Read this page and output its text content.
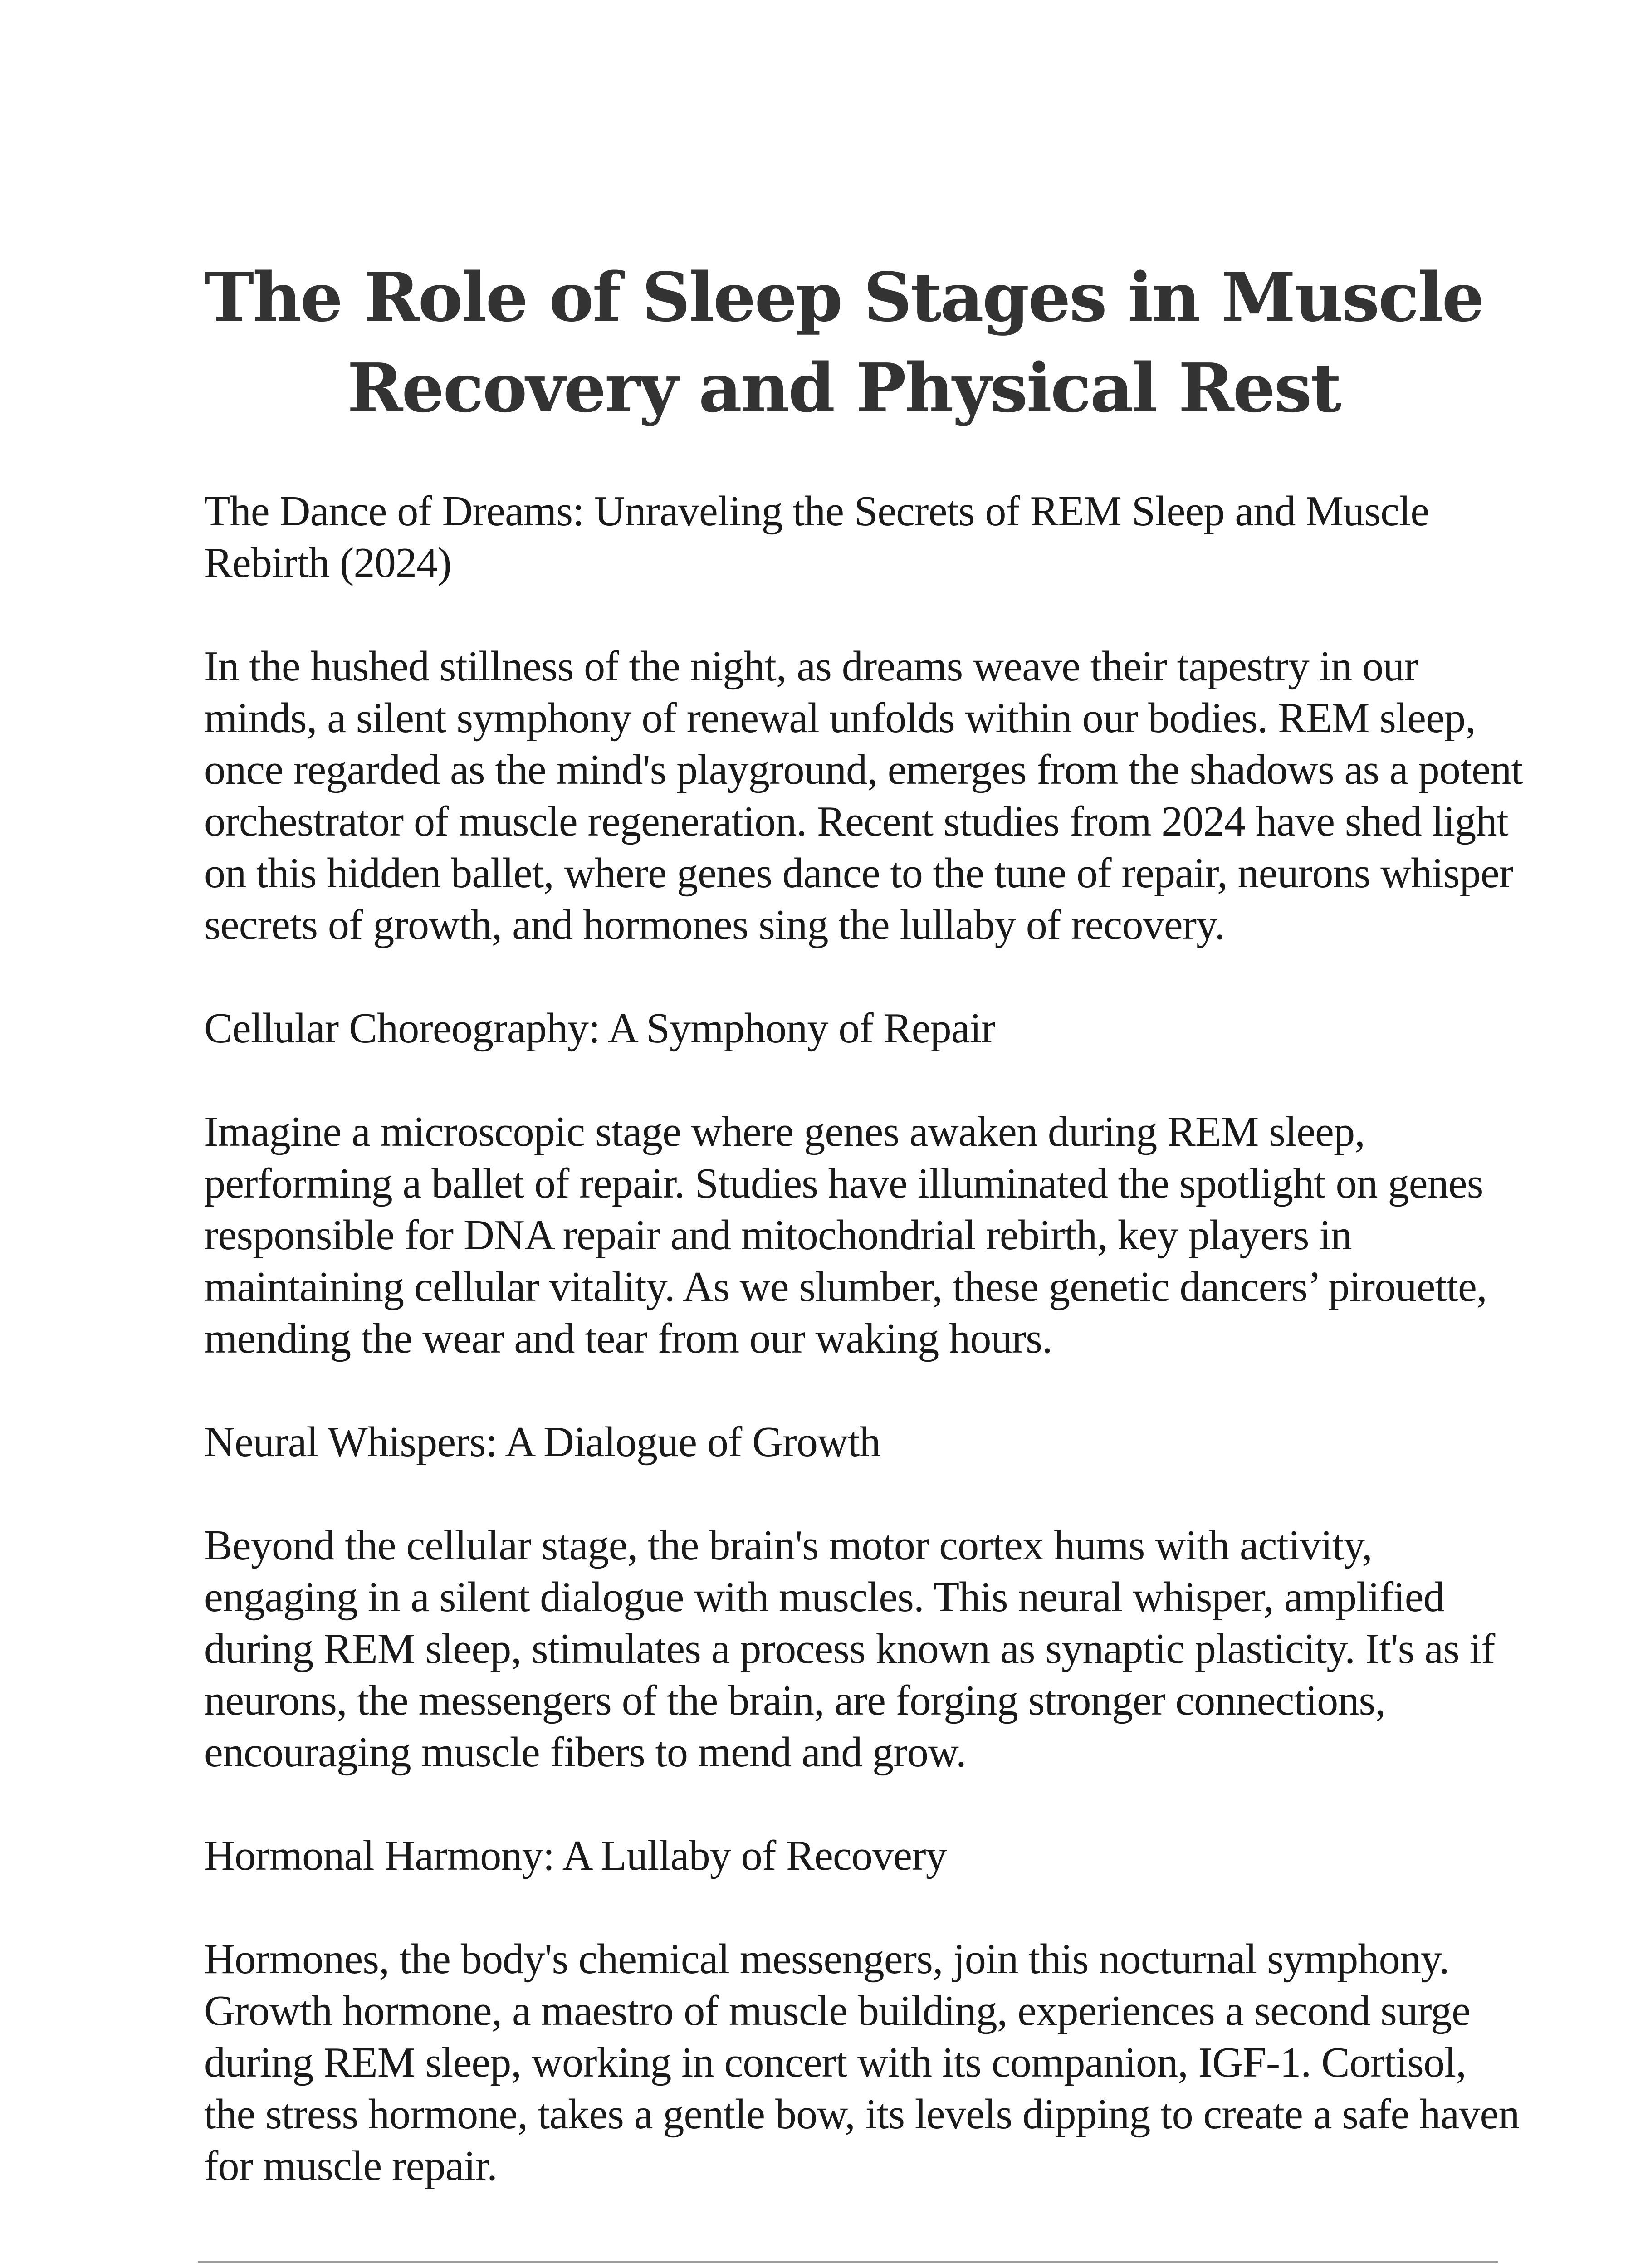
The Role of Sleep Stages in Muscle Recovery and Physical Rest

The Dance of Dreams: Unraveling the Secrets of REM Sleep and Muscle Rebirth (2024)

In the hushed stillness of the night, as dreams weave their tapestry in our minds, a silent symphony of renewal unfolds within our bodies. REM sleep, once regarded as the mind's playground, emerges from the shadows as a potent orchestrator of muscle regeneration. Recent studies from 2024 have shed light on this hidden ballet, where genes dance to the tune of repair, neurons whisper secrets of growth, and hormones sing the lullaby of recovery.

Cellular Choreography: A Symphony of Repair

Imagine a microscopic stage where genes awaken during REM sleep, performing a ballet of repair. Studies have illuminated the spotlight on genes responsible for DNA repair and mitochondrial rebirth, key players in maintaining cellular vitality. As we slumber, these genetic dancers’ pirouette, mending the wear and tear from our waking hours.

Neural Whispers: A Dialogue of Growth

Beyond the cellular stage, the brain's motor cortex hums with activity, engaging in a silent dialogue with muscles. This neural whisper, amplified during REM sleep, stimulates a process known as synaptic plasticity. It's as if neurons, the messengers of the brain, are forging stronger connections, encouraging muscle fibers to mend and grow.

Hormonal Harmony: A Lullaby of Recovery

Hormones, the body's chemical messengers, join this nocturnal symphony. Growth hormone, a maestro of muscle building, experiences a second surge during REM sleep, working in concert with its companion, IGF-1. Cortisol, the stress hormone, takes a gentle bow, its levels dipping to create a safe haven for muscle repair.
